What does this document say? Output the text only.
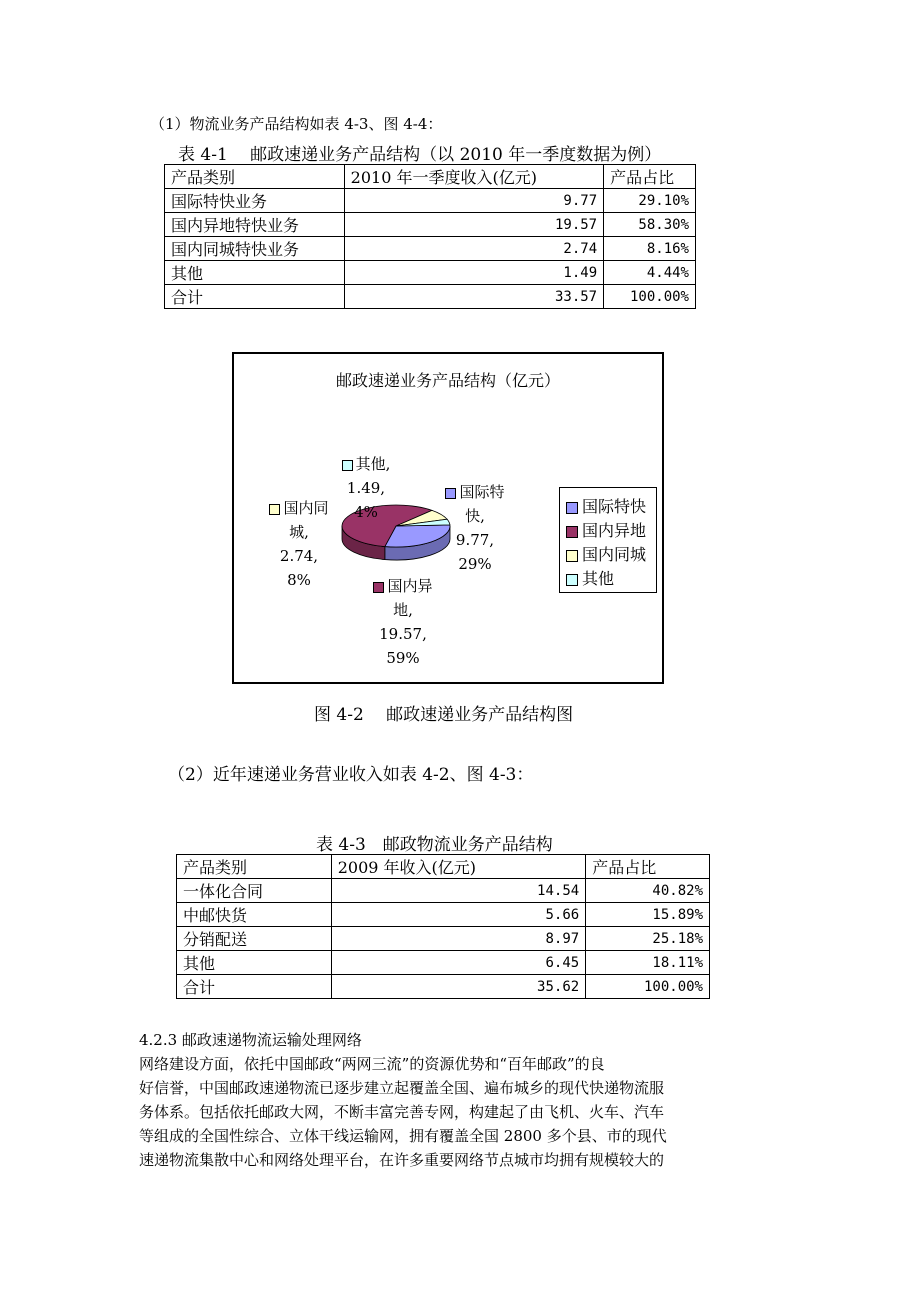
（1）物流业务产品结构如表 4-3、图 4-4：
表 4-1　 邮政速递业务产品结构（以 2010 年一季度数据为例）
产品类别	2010 年一季度收入(亿元)	产品占比
国际特快业务	9.77	29.10%
国内异地特快业务	19.57	58.30%
国内同城特快业务	2.74	8.16%
其他	1.49	4.44%
合计	33.57	100.00%
邮政速递业务产品结构（亿元）
其他,
1.49,
4%
国际特
快,
9.77,
29%
国内同
城,
2.74,
8%	国内异
地,
19.57,
59%
国际特快
国内异地
国内同城
其他
图 4-2　 邮政速递业务产品结构图
（2）近年速递业务营业收入如表 4-2、图 4-3：
表 4-3　邮政物流业务产品结构
产品类别	2009 年收入(亿元)	产品占比
一体化合同	14.54	40.82%
中邮快货	5.66	15.89%
分销配送	8.97	25.18%
其他	6.45	18.11%
合计	35.62	100.00%
4.2.3 邮政速递物流运输处理网络
网络建设方面，依托中国邮政“两网三流”的资源优势和“百年邮政”的良
好信誉，中国邮政速递物流已逐步建立起覆盖全国、遍布城乡的现代快递物流服
务体系。包括依托邮政大网，不断丰富完善专网，构建起了由飞机、火车、汽车
等组成的全国性综合、立体干线运输网，拥有覆盖全国 2800 多个县、市的现代
速递物流集散中心和网络处理平台，在许多重要网络节点城市均拥有规模较大的
